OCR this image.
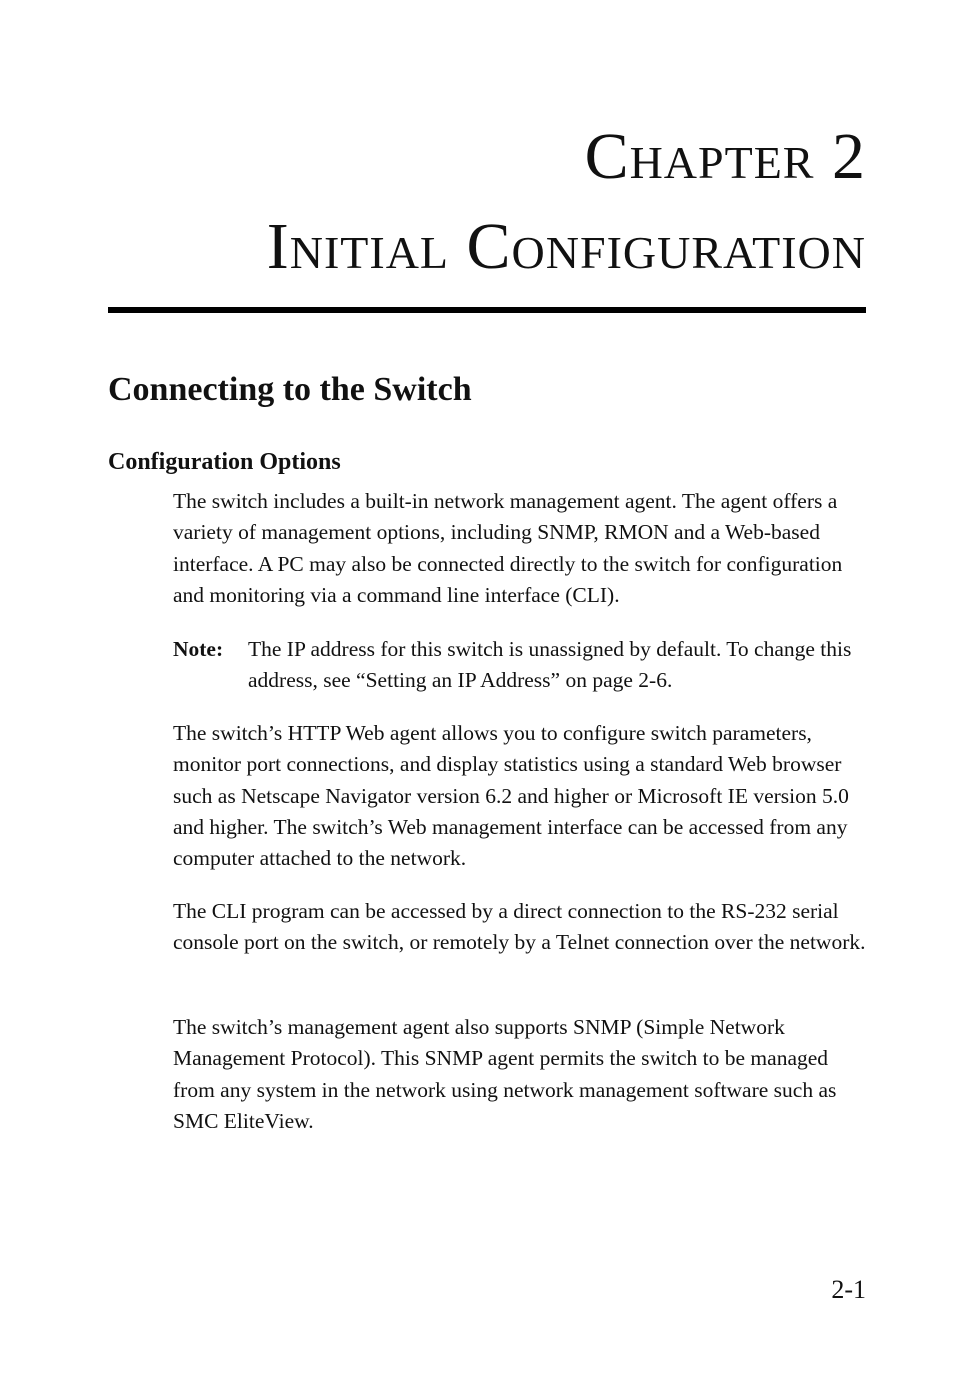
Chapter 2
Initial Configuration
Connecting to the Switch
Configuration Options

The switch includes a built-in network management agent. The agent offers a variety of management options, including SNMP, RMON and a Web-based interface. A PC may also be connected directly to the switch for configuration and monitoring via a command line interface (CLI).

Note: The IP address for this switch is unassigned by default. To change this address, see “Setting an IP Address” on page 2-6.

The switch’s HTTP Web agent allows you to configure switch parameters, monitor port connections, and display statistics using a standard Web browser such as Netscape Navigator version 6.2 and higher or Microsoft IE version 5.0 and higher. The switch’s Web management interface can be accessed from any computer attached to the network.

The CLI program can be accessed by a direct connection to the RS-232 serial console port on the switch, or remotely by a Telnet connection over the network.

The switch’s management agent also supports SNMP (Simple Network Management Protocol). This SNMP agent permits the switch to be managed from any system in the network using network management software such as SMC EliteView.

2-1
